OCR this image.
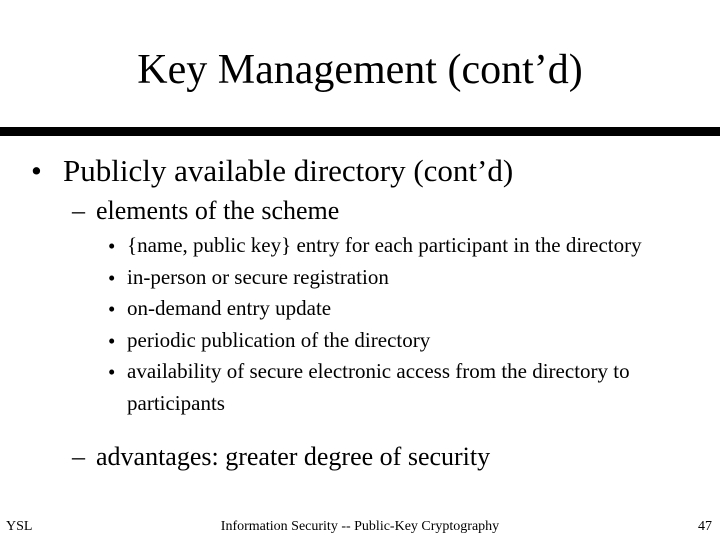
Key Management (cont’d)
• Publicly available directory (cont’d)
– elements of the scheme
• {name, public key} entry for each participant in the directory
• in-person or secure registration
• on-demand entry update
• periodic publication of the directory
• availability of secure electronic access from the directory to participants
– advantages: greater degree of security
YSL	Information Security -- Public-Key Cryptography	47
